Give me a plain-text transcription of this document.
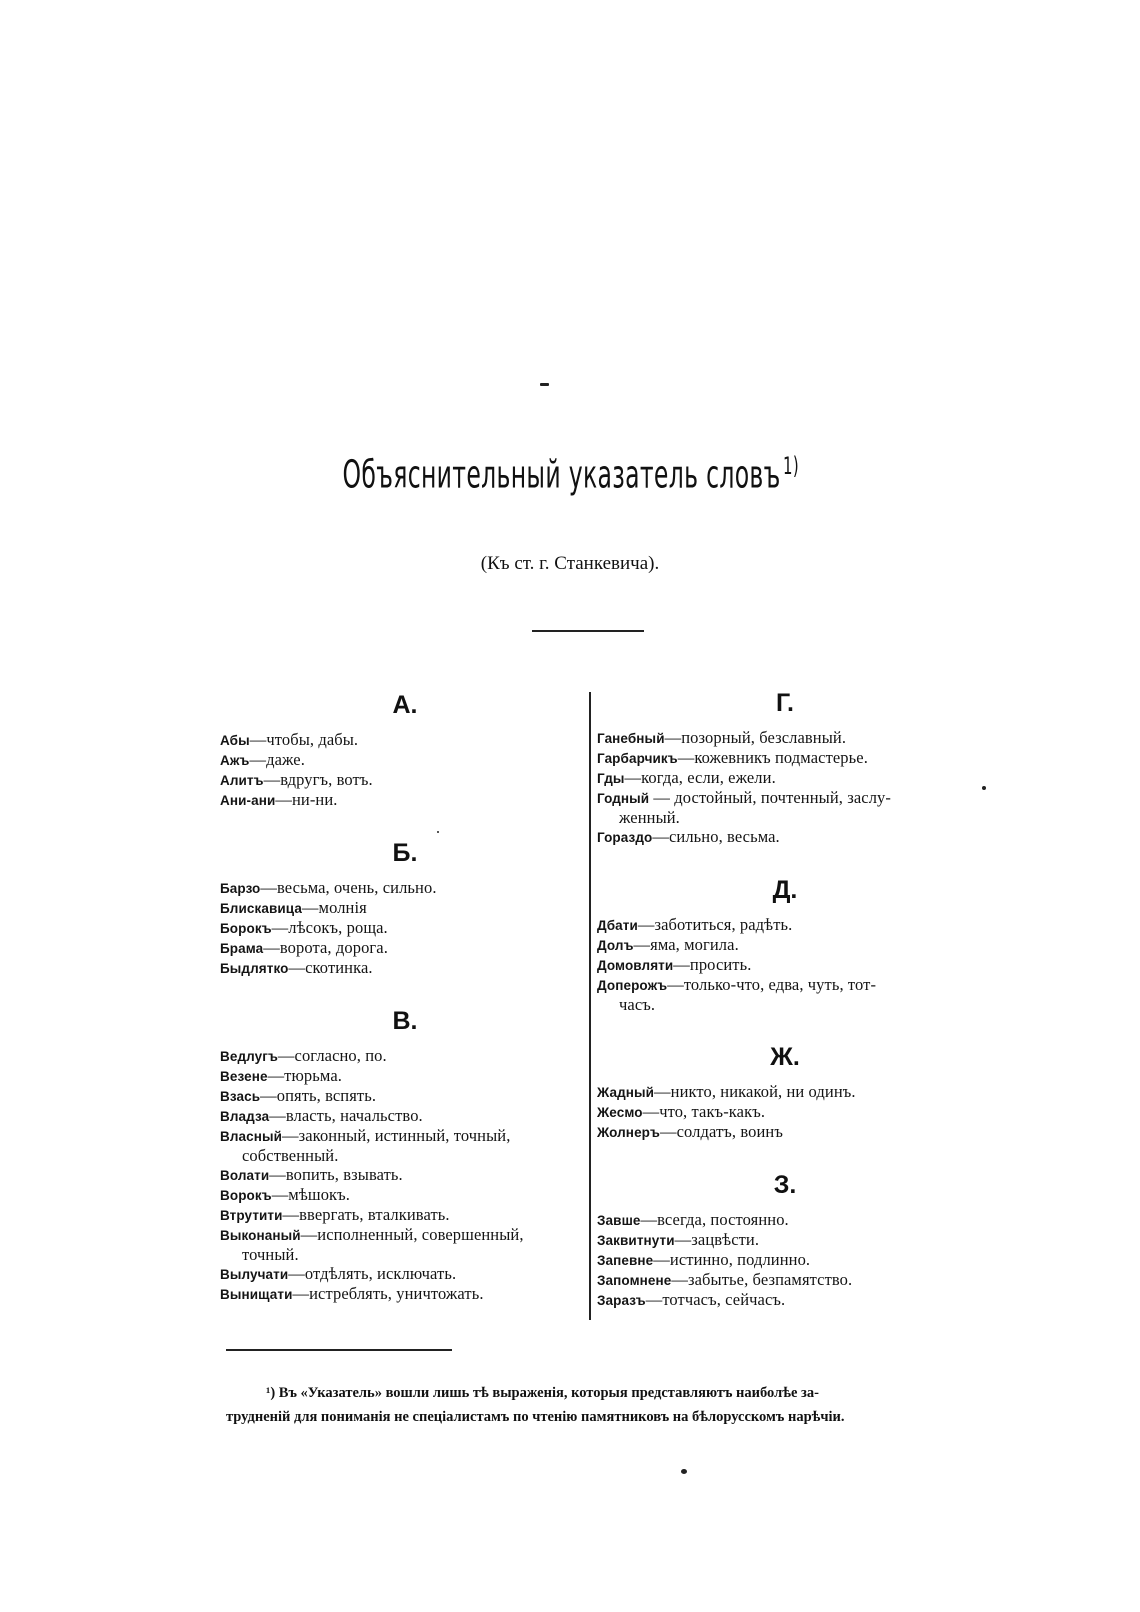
Объяснительный указатель словъ $^{1)}$
(Къ ст. г. Станкевича).
А.
Абы—чтобы, дабы.
Ажъ—даже.
Алитъ—вдругъ, вотъ.
Ани-ани—ни-ни.
Б.
Барзо—весьма, очень, сильно.
Блискавица—молнія
Борокъ—лѣсокъ, роща.
Брама—ворота, дорога.
Быдлятко—скотинка.
В.
Ведлугъ—согласно, по.
Везене—тюрьма.
Взась—опять, вспять.
Владза—власть, начальство.
Власный—законный, истинный, точный,
собственный.
Волати—вопить, взывать.
Ворокъ—мѣшокъ.
Втрутити—ввергать, вталкивать.
Выконаный—исполненный, совершенный,
точный.
Вылучати—отдѣлять, исключать.
Вынищати—истреблять, уничтожать.
Г.
Ганебный—позорный, безславный.
Гарбарчикъ—кожевникъ подмастерье.
Гды—когда, если, ежели.
Годный — достойный, почтенный, заслу-
женный.
Гораздо—сильно, весьма.
Д.
Дбати—заботиться, радѣть.
Долъ—яма, могила.
Домовляти—просить.
Доперожъ—только-что, едва, чуть, тот-
часъ.
Ж.
Жадный—никто, никакой, ни одинъ.
Жесмо—что, такъ-какъ.
Жолнеръ—солдатъ, воинъ
З.
Завше—всегда, постоянно.
Заквитнути—зацвѣсти.
Запевне—истинно, подлинно.
Запомнене—забытье, безпамятство.
Заразъ—тотчасъ, сейчасъ.
¹) Въ «Указатель» вошли лишь тѣ выраженія, которыя представляютъ наиболѣе за-
трудненій для пониманія не спеціалистамъ по чтенію памятниковъ на бѣлорусскомъ нарѣчіи.
